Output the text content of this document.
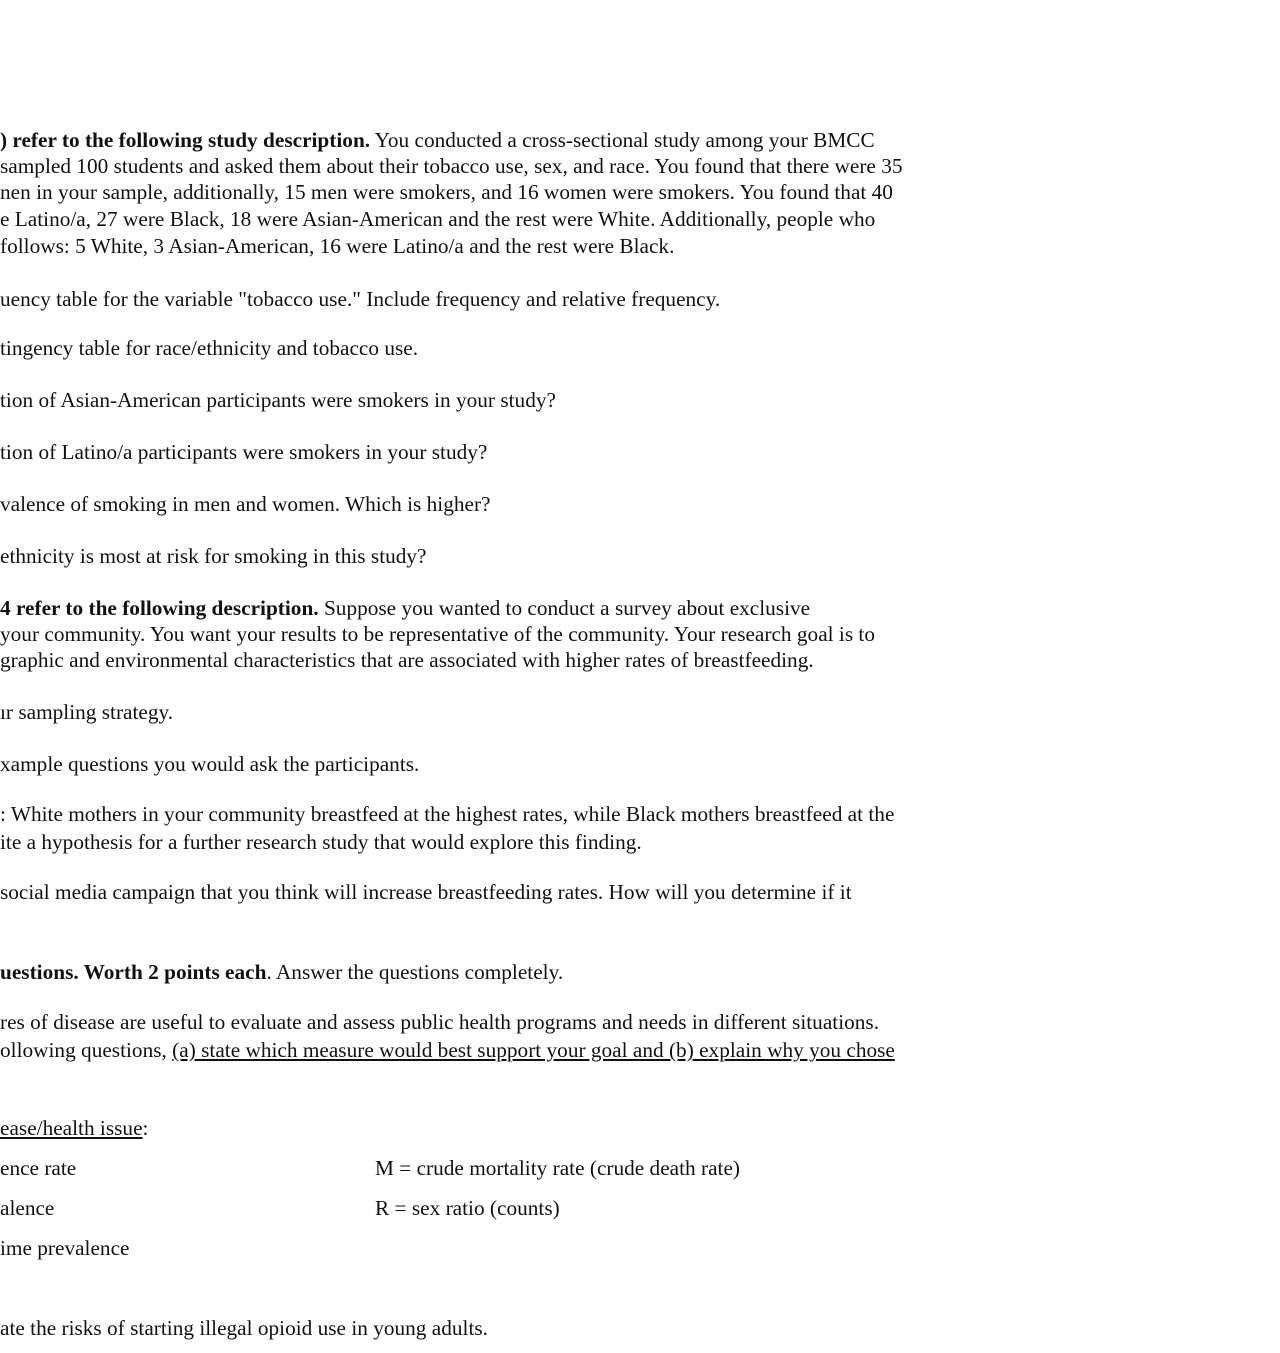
) refer to the following study description. You conducted a cross-sectional study among your BMCC
sampled 100 students and asked them about their tobacco use, sex, and race. You found that there were 35
nen in your sample, additionally, 15 men were smokers, and 16 women were smokers. You found that 40
e Latino/a, 27 were Black, 18 were Asian-American and the rest were White. Additionally, people who
follows: 5 White, 3 Asian-American, 16 were Latino/a and the rest were Black.
uency table for the variable "tobacco use." Include frequency and relative frequency.
tingency table for race/ethnicity and tobacco use.
tion of Asian-American participants were smokers in your study?
tion of Latino/a participants were smokers in your study?
valence of smoking in men and women. Which is higher?
ethnicity is most at risk for smoking in this study?
4 refer to the following description. Suppose you wanted to conduct a survey about exclusive
your community. You want your results to be representative of the community. Your research goal is to
graphic and environmental characteristics that are associated with higher rates of breastfeeding.
ır sampling strategy.
xample questions you would ask the participants.
: White mothers in your community breastfeed at the highest rates, while Black mothers breastfeed at the
ite a hypothesis for a further research study that would explore this finding.
social media campaign that you think will increase breastfeeding rates. How will you determine if it
uestions. Worth 2 points each. Answer the questions completely.
res of disease are useful to evaluate and assess public health programs and needs in different situations.
ollowing questions, (a) state which measure would best support your goal and (b) explain why you chose
ease/health issue:
ence rate	M = crude mortality rate (crude death rate)
alence	R = sex ratio (counts)
ime prevalence
ate the risks of starting illegal opioid use in young adults.
